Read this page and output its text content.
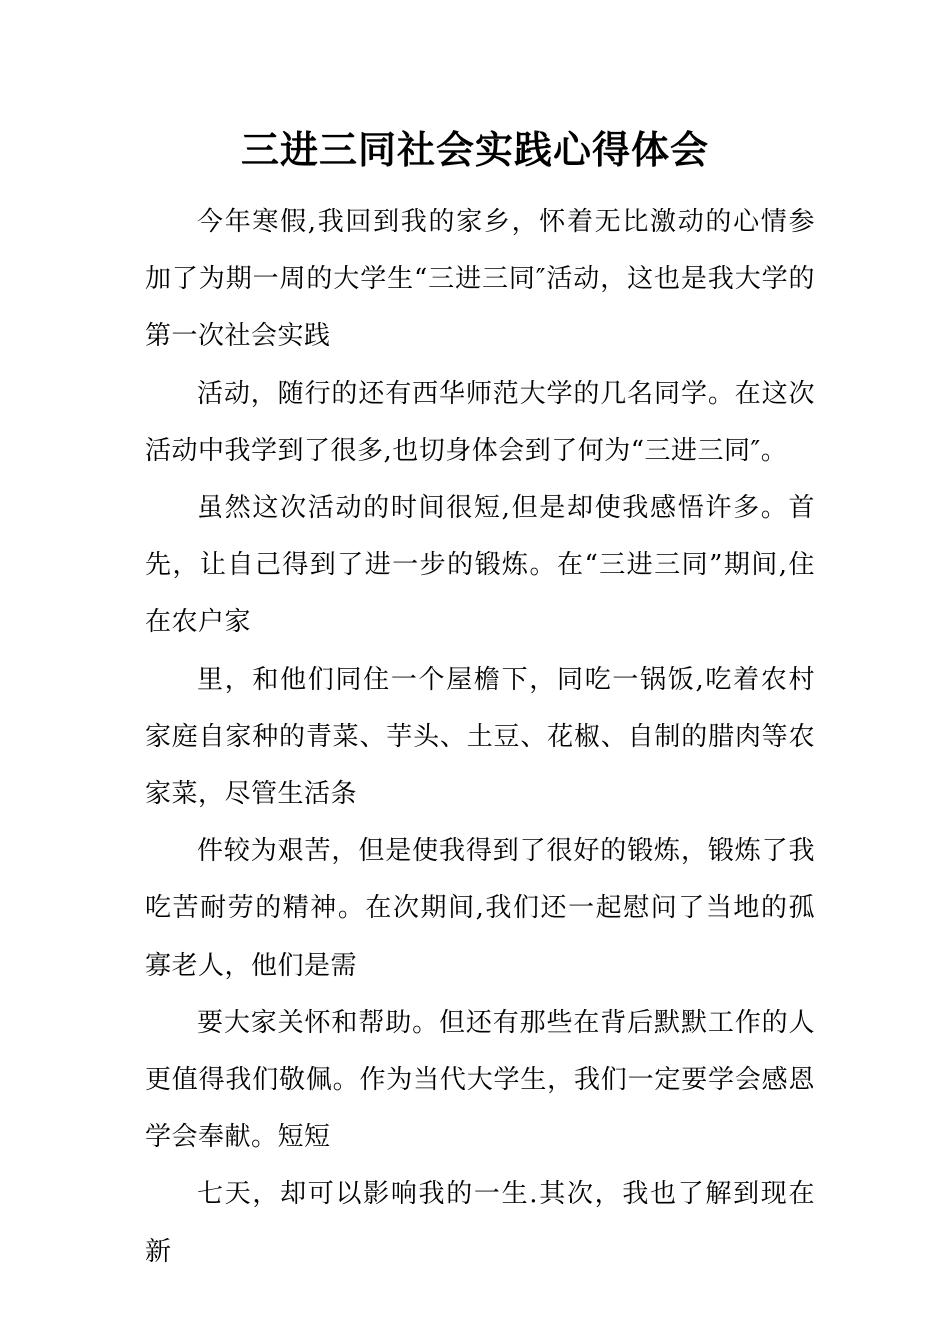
三进三同社会实践心得体会

今年寒假,我回到我的家乡，怀着无比激动的心情参加了为期一周的大学生“三进三同″活动，这也是我大学的第一次社会实践

活动，随行的还有西华师范大学的几名同学。在这次活动中我学到了很多,也切身体会到了何为“三进三同″。

虽然这次活动的时间很短,但是却使我感悟许多。首先，让自己得到了进一步的锻炼。在“三进三同”期间,住在农户家

里，和他们同住一个屋檐下，同吃一锅饭,吃着农村家庭自家种的青菜、芋头、土豆、花椒、自制的腊肉等农家菜，尽管生活条

件较为艰苦，但是使我得到了很好的锻炼，锻炼了我吃苦耐劳的精神。在次期间,我们还一起慰问了当地的孤寡老人，他们是需

要大家关怀和帮助。但还有那些在背后默默工作的人更值得我们敬佩。作为当代大学生，我们一定要学会感恩学会奉献。短短

七天，却可以影响我的一生.其次，我也了解到现在新
